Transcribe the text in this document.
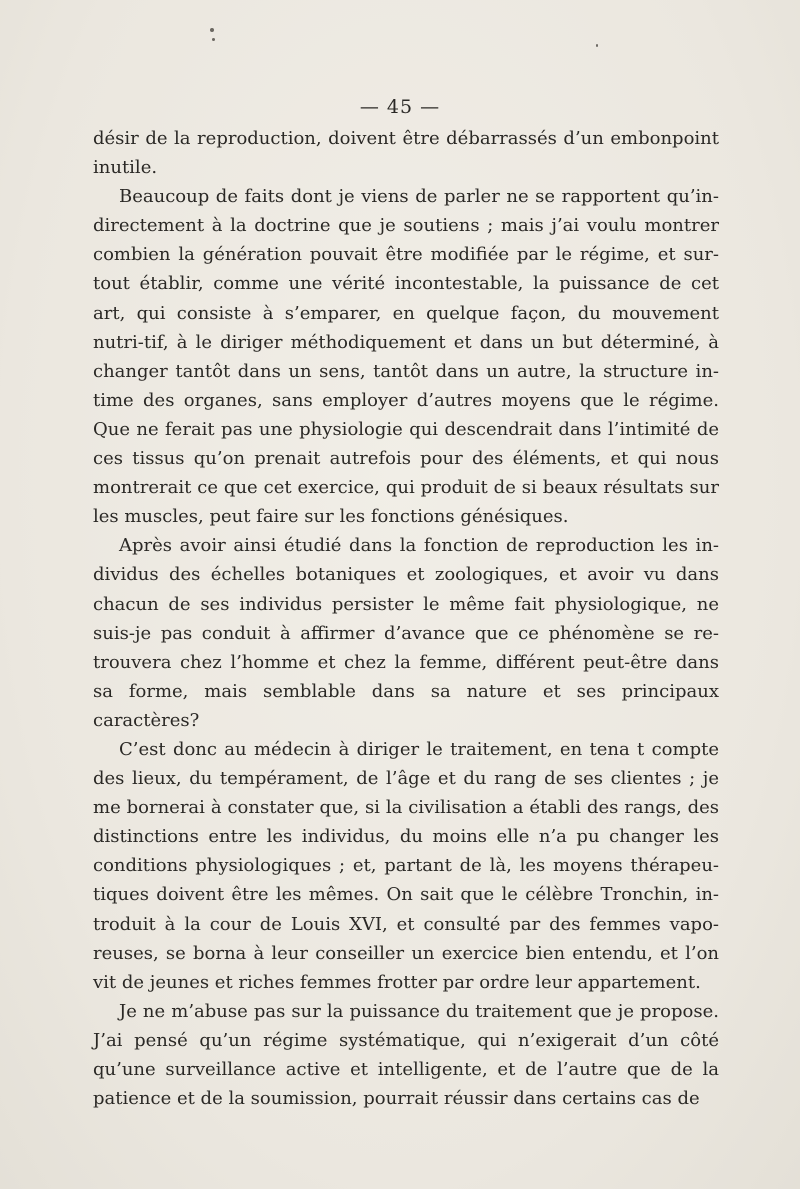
— 45 —

désir de la reproduction, doivent être débarrassés d’un embonpoint inutile.

Beaucoup de faits dont je viens de parler ne se rapportent qu’in-directement à la doctrine que je soutiens ; mais j’ai voulu montrer combien la génération pouvait être modifiée par le régime, et sur-tout établir, comme une vérité incontestable, la puissance de cet art, qui consiste à s’emparer, en quelque façon, du mouvement nutri-tif, à le diriger méthodiquement et dans un but déterminé, à changer tantôt dans un sens, tantôt dans un autre, la structure in-time des organes, sans employer d’autres moyens que le régime. Que ne ferait pas une physiologie qui descendrait dans l’intimité de ces tissus qu’on prenait autrefois pour des éléments, et qui nous montrerait ce que cet exercice, qui produit de si beaux résultats sur les muscles, peut faire sur les fonctions génésiques.

Après avoir ainsi étudié dans la fonction de reproduction les in-dividus des échelles botaniques et zoologiques, et avoir vu dans chacun de ses individus persister le même fait physiologique, ne suis-je pas conduit à affirmer d’avance que ce phénomène se re-trouvera chez l’homme et chez la femme, différent peut-être dans sa forme, mais semblable dans sa nature et ses principaux caractères?

C’est donc au médecin à diriger le traitement, en tena t compte des lieux, du tempérament, de l’âge et du rang de ses clientes ; je me bornerai à constater que, si la civilisation a établi des rangs, des distinctions entre les individus, du moins elle n’a pu changer les conditions physiologiques ; et, partant de là, les moyens thérapeu-tiques doivent être les mêmes. On sait que le célèbre Tronchin, in-troduit à la cour de Louis XVI, et consulté par des femmes vapo-reuses, se borna à leur conseiller un exercice bien entendu, et l’on vit de jeunes et riches femmes frotter par ordre leur appartement.

Je ne m’abuse pas sur la puissance du traitement que je propose. J’ai pensé qu’un régime systématique, qui n’exigerait d’un côté qu’une surveillance active et intelligente, et de l’autre que de la patience et de la soumission, pourrait réussir dans certains cas de
